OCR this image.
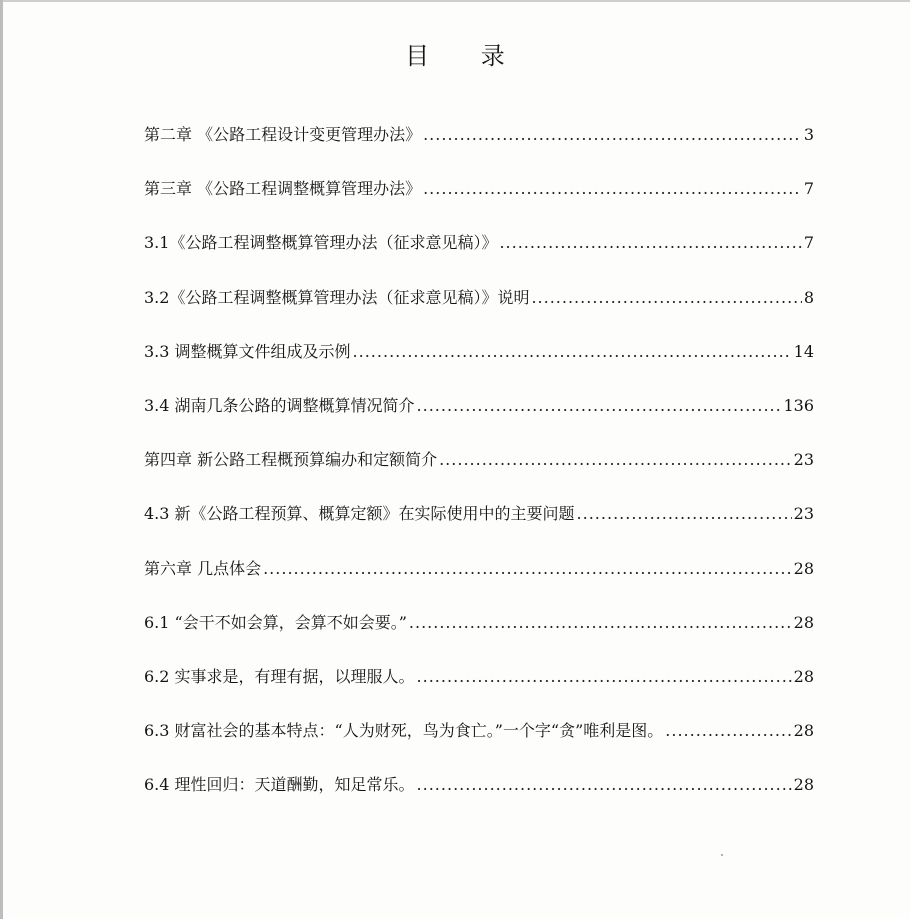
目 录
第二章 《公路工程设计变更管理办法》 .....	3
第三章 《公路工程调整概算管理办法》 .....	7
3.1《公路工程调整概算管理办法（征求意见稿）》 .....	7
3.2《公路工程调整概算管理办法（征求意见稿）》说明 .....	8
3.3 调整概算文件组成及示例 .....	14
3.4 湖南几条公路的调整概算情况简介 .....	136
第四章 新公路工程概预算编办和定额简介 .....	23
4.3 新《公路工程预算、概算定额》在实际使用中的主要问题 .....	23
第六章 几点体会 .....	28
6.1 “会干不如会算，会算不如会要。” .....	28
6.2 实事求是，有理有据，以理服人。 .....	28
6.3 财富社会的基本特点：“人为财死，鸟为食亡。”一个字“贪”唯利是图。 .....	28
6.4 理性回归：天道酬勤，知足常乐。 .....	28
